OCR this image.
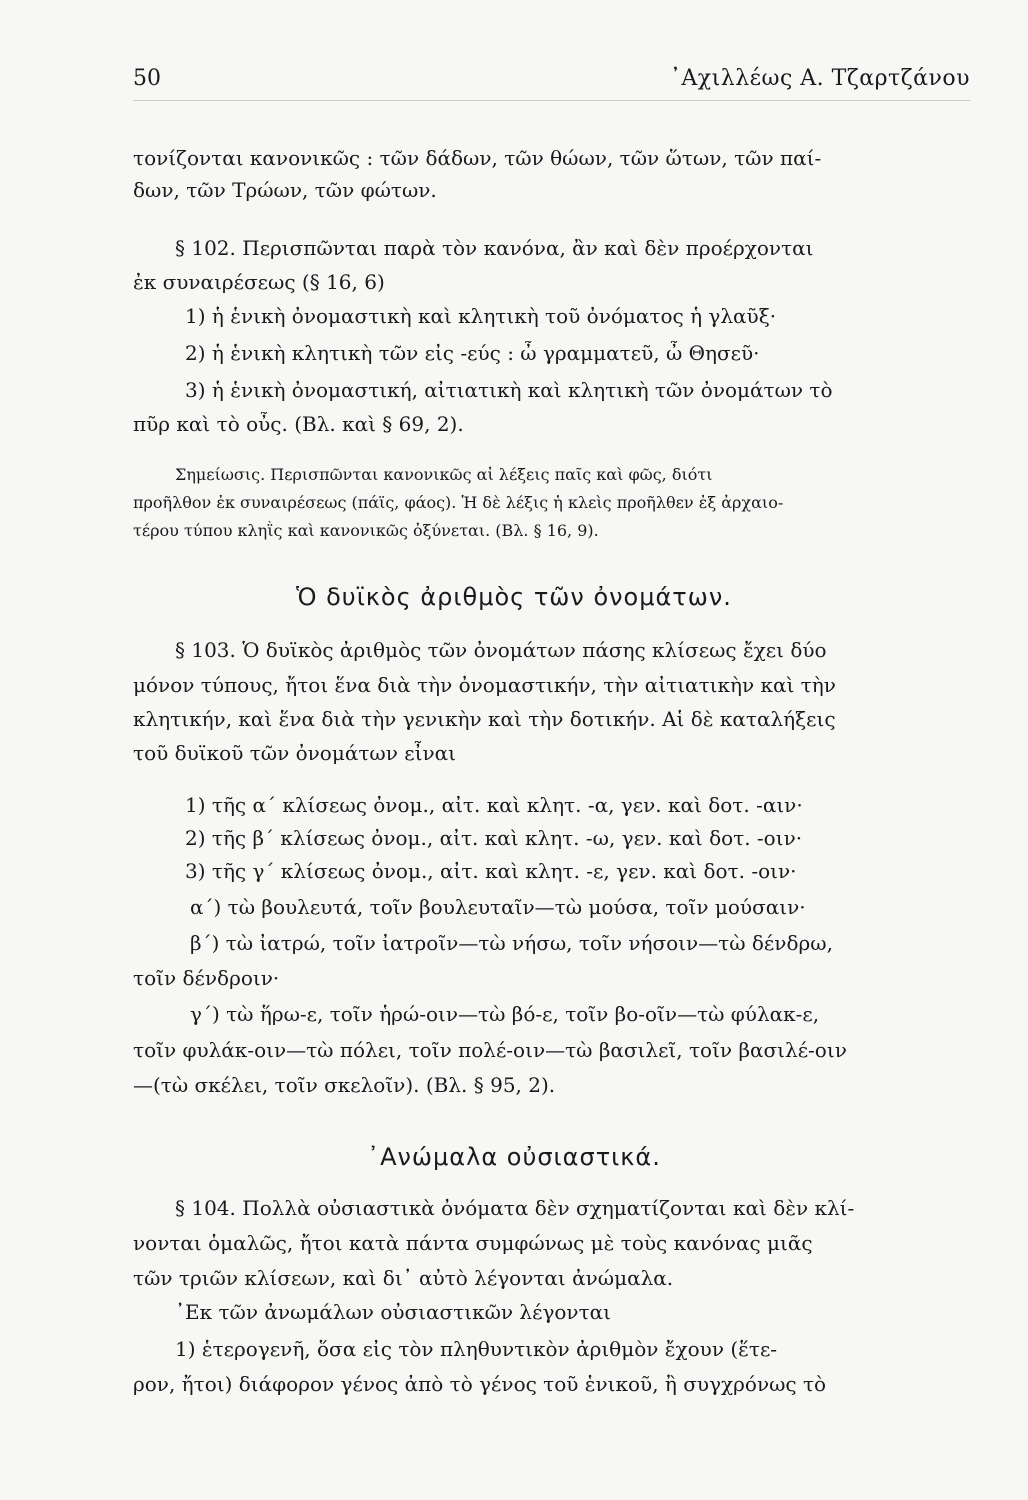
50	᾿Αχιλλέως Α. Τζαρτζάνου
τονίζονται κανονικῶς : τῶν δάδων, τῶν θώων, τῶν ὥτων, τῶν παί-
δων, τῶν Τρώων, τῶν φώτων.
§ 102. Περισπῶνται παρὰ τὸν κανόνα, ἂν καὶ δὲν προέρχονται
ἐκ συναιρέσεως (§ 16, 6)
1) ἡ ἑνικὴ ὀνομαστικὴ καὶ κλητικὴ τοῦ ὀνόματος ἡ γλαῦξ·
2) ἡ ἑνικὴ κλητικὴ τῶν εἰς -εύς : ὦ γραμματεῦ, ὦ Θησεῦ·
3) ἡ ἑνικὴ ὀνομαστική, αἰτιατικὴ καὶ κλητικὴ τῶν ὀνομάτων τὸ
πῦρ καὶ τὸ οὖς. (Βλ. καὶ § 69, 2).
Σημείωσις. Περισπῶνται κανονικῶς αἱ λέξεις παῖς καὶ φῶς, διότι
προῆλθον ἐκ συναιρέσεως (πάϊς, φάος). Ἡ δὲ λέξις ἡ κλεὶς προῆλθεν ἐξ ἀρχαιο-
τέρου τύπου κληῒς καὶ κανονικῶς ὀξύνεται. (Βλ. § 16, 9).
Ὁ δυϊκὸς ἀριθμὸς τῶν ὀνομάτων.
§ 103. Ὁ δυϊκὸς ἀριθμὸς τῶν ὀνομάτων πάσης κλίσεως ἔχει δύο
μόνον τύπους, ἤτοι ἕνα διὰ τὴν ὀνομαστικήν, τὴν αἰτιατικὴν καὶ τὴν
κλητικήν, καὶ ἕνα διὰ τὴν γενικὴν καὶ τὴν δοτικήν. Αἱ δὲ καταλήξεις
τοῦ δυϊκοῦ τῶν ὀνομάτων εἶναι
1) τῆς α΄ κλίσεως ὀνομ., αἰτ. καὶ κλητ. -α, γεν. καὶ δοτ. -αιν·
2) τῆς β΄ κλίσεως ὀνομ., αἰτ. καὶ κλητ. -ω, γεν. καὶ δοτ. -οιν·
3) τῆς γ΄ κλίσεως ὀνομ., αἰτ. καὶ κλητ. -ε, γεν. καὶ δοτ. -οιν·
α΄) τὼ βουλευτά, τοῖν βουλευταῖν—τὼ μούσα, τοῖν μούσαιν·
β΄) τὼ ἰατρώ, τοῖν ἰατροῖν—τὼ νήσω, τοῖν νήσοιν—τὼ δένδρω,
τοῖν δένδροιν·
γ΄) τὼ ἥρω-ε, τοῖν ἡρώ-οιν—τὼ βό-ε, τοῖν βο-οῖν—τὼ φύλακ-ε,
τοῖν φυλάκ-οιν—τὼ πόλει, τοῖν πολέ-οιν—τὼ βασιλεῖ, τοῖν βασιλέ-οιν
—(τὼ σκέλει, τοῖν σκελοῖν). (Βλ. § 95, 2).
᾿Ανώμαλα οὐσιαστικά.
§ 104. Πολλὰ οὐσιαστικὰ ὀνόματα δὲν σχηματίζονται καὶ δὲν κλί-
νονται ὁμαλῶς, ἤτοι κατὰ πάντα συμφώνως μὲ τοὺς κανόνας μιᾶς
τῶν τριῶν κλίσεων, καὶ δι᾿ αὐτὸ λέγονται ἀνώμαλα.
᾿Εκ τῶν ἀνωμάλων οὐσιαστικῶν λέγονται
1) ἑτερογενῆ, ὅσα εἰς τὸν πληθυντικὸν ἀριθμὸν ἔχουν (ἕτε-
ρον, ἤτοι) διάφορον γένος ἀπὸ τὸ γένος τοῦ ἑνικοῦ, ἢ συγχρόνως τὸ
